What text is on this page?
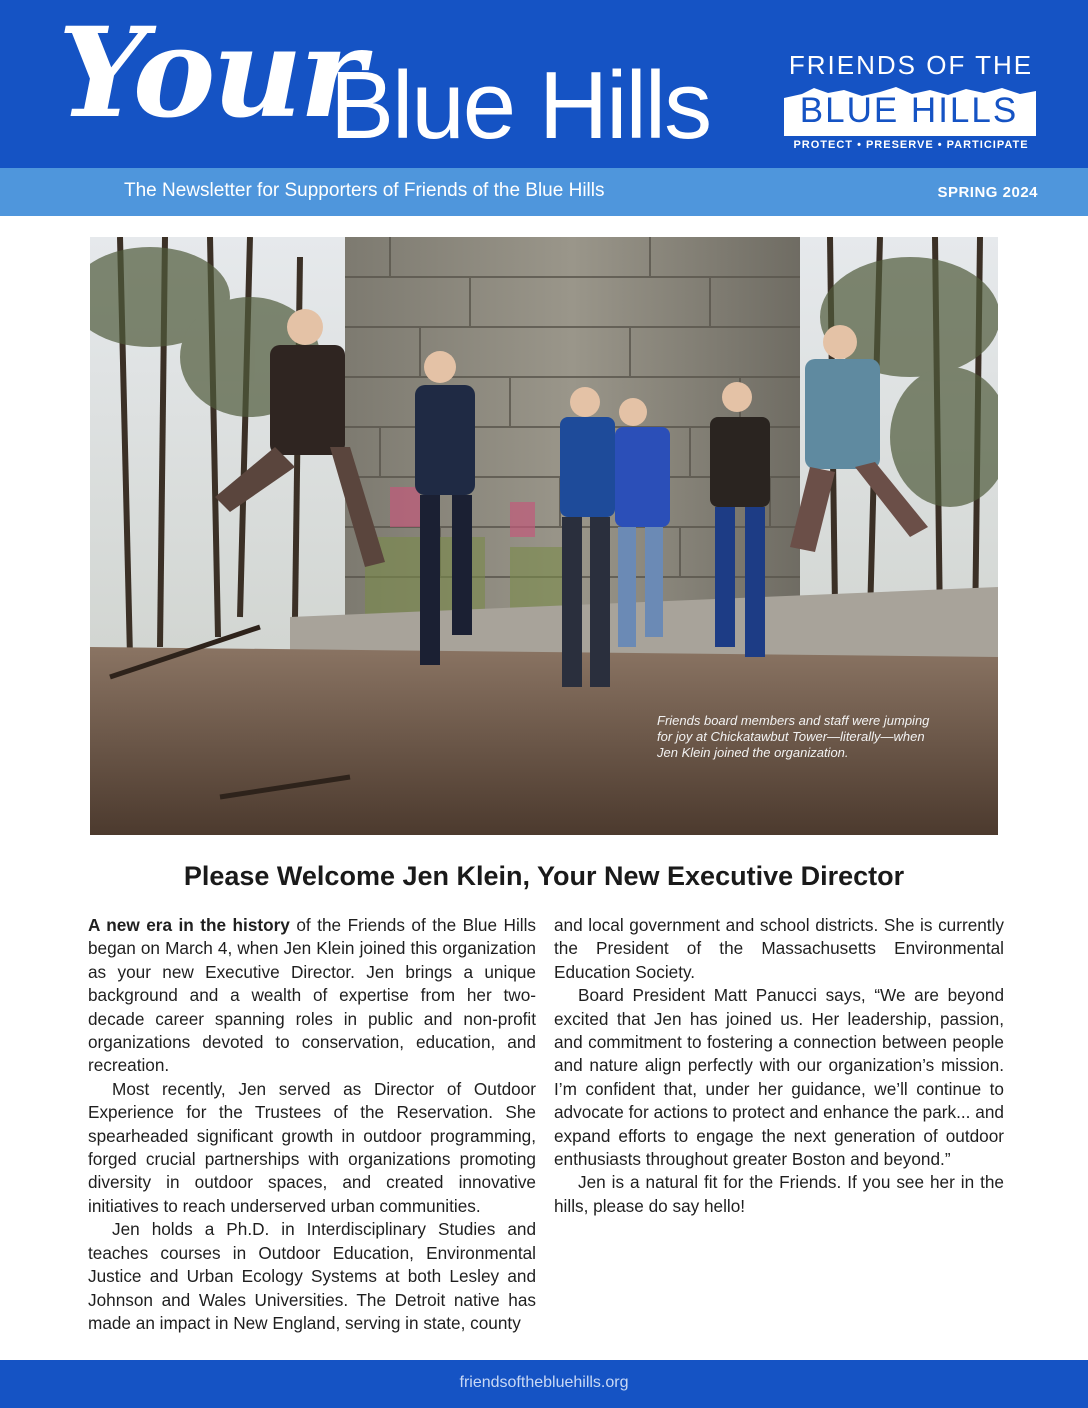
Your
Blue Hills	FRIENDS OF THE
BLUE HILLS
PROTECT • PRESERVE • PARTICIPATE
The Newsletter for Supporters of Friends of the Blue Hills	SPRING 2024
Friends board members and staff were jumping for joy at Chickatawbut Tower—literally—when Jen Klein joined the organization.
Please Welcome Jen Klein, Your New Executive Director

A new era in the history of the Friends of the Blue Hills began on March 4, when Jen Klein joined this organization as your new Executive Director. Jen brings a unique background and a wealth of expertise from her two-decade career spanning roles in public and non-profit organizations devoted to conservation, education, and recreation.

Most recently, Jen served as Director of Outdoor Experience for the Trustees of the Reservation. She spearheaded significant growth in outdoor programming, forged crucial partnerships with organizations promoting diversity in outdoor spaces, and created innovative initiatives to reach underserved urban communities.

Jen holds a Ph.D. in Interdisciplinary Studies and teaches courses in Outdoor Education, Environmental Justice and Urban Ecology Systems at both Lesley and Johnson and Wales Universities. The Detroit native has made an impact in New England, serving in state, county

and local government and school districts. She is currently the President of the Massachusetts Environmental Education Society.

Board President Matt Panucci says, “We are beyond excited that Jen has joined us. Her leadership, passion, and commitment to fostering a connection between people and nature align perfectly with our organization’s mission. I’m confident that, under her guidance, we’ll continue to advocate for actions to protect and enhance the park... and expand efforts to engage the next generation of outdoor enthusiasts throughout greater Boston and beyond.”

Jen is a natural fit for the Friends. If you see her in the hills, please do say hello!

friendsofthebluehills.org
